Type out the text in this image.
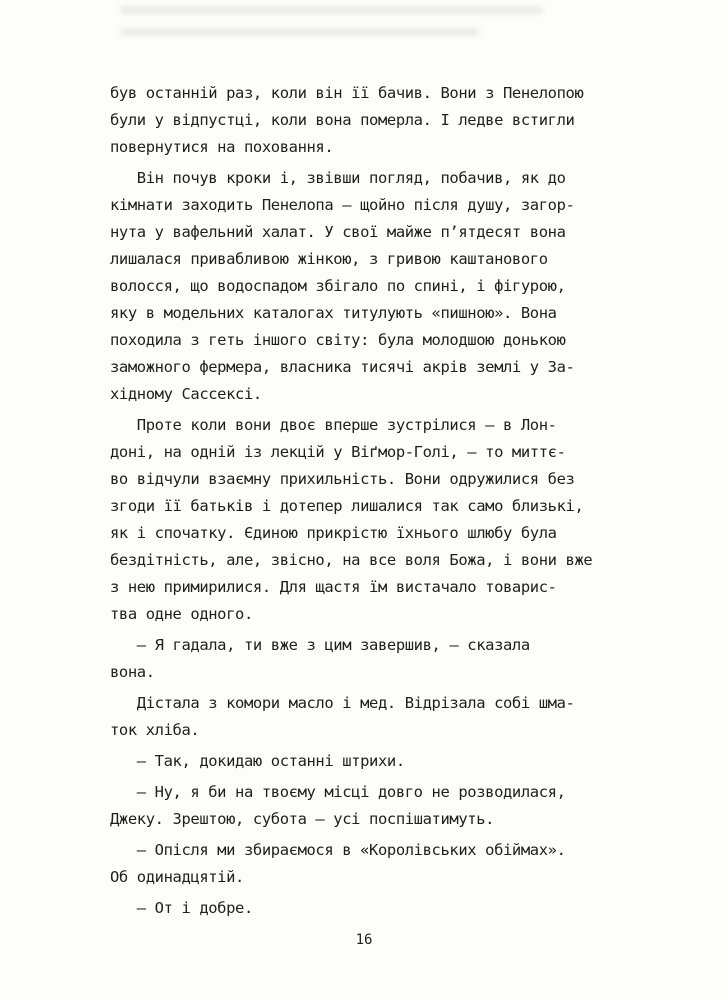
був останній раз, коли він її бачив. Вони з Пенелопою
були у відпустці, коли вона померла. І ледве встигли
повернутися на поховання.
Він почув кроки і, звівши погляд, побачив, як до
кімнати заходить Пенелопа — щойно після душу, загор-
нута у вафельний халат. У свої майже п’ятдесят вона
лишалася привабливою жінкою, з гривою каштанового
волосся, що водоспадом збігало по спині, і фігурою,
яку в модельних каталогах титулують «пишною». Вона
походила з геть іншого світу: була молодшою донькою
заможного фермера, власника тисячі акрів землі у За-
хідному Сассексі.
Проте коли вони двоє вперше зустрілися — в Лон-
доні, на одній із лекцій у Віґмор-Голі, — то миттє-
во відчули взаємну прихильність. Вони одружилися без
згоди її батьків і дотепер лишалися так само близькі,
як і спочатку. Єдиною прикрістю їхнього шлюбу була
бездітність, але, звісно, на все воля Божа, і вони вже
з нею примирилися. Для щастя їм вистачало товарис-
тва одне одного.
— Я гадала, ти вже з цим завершив, — сказала
вона.
Дістала з комори масло і мед. Відрізала собі шма-
ток хліба.
— Так, докидаю останні штрихи.
— Ну, я би на твоєму місці довго не розводилася,
Джеку. Зрештою, субота — усі поспішатимуть.
— Опісля ми збираємося в «Королівських обіймах».
Об одинадцятій.
— От і добре.
16
